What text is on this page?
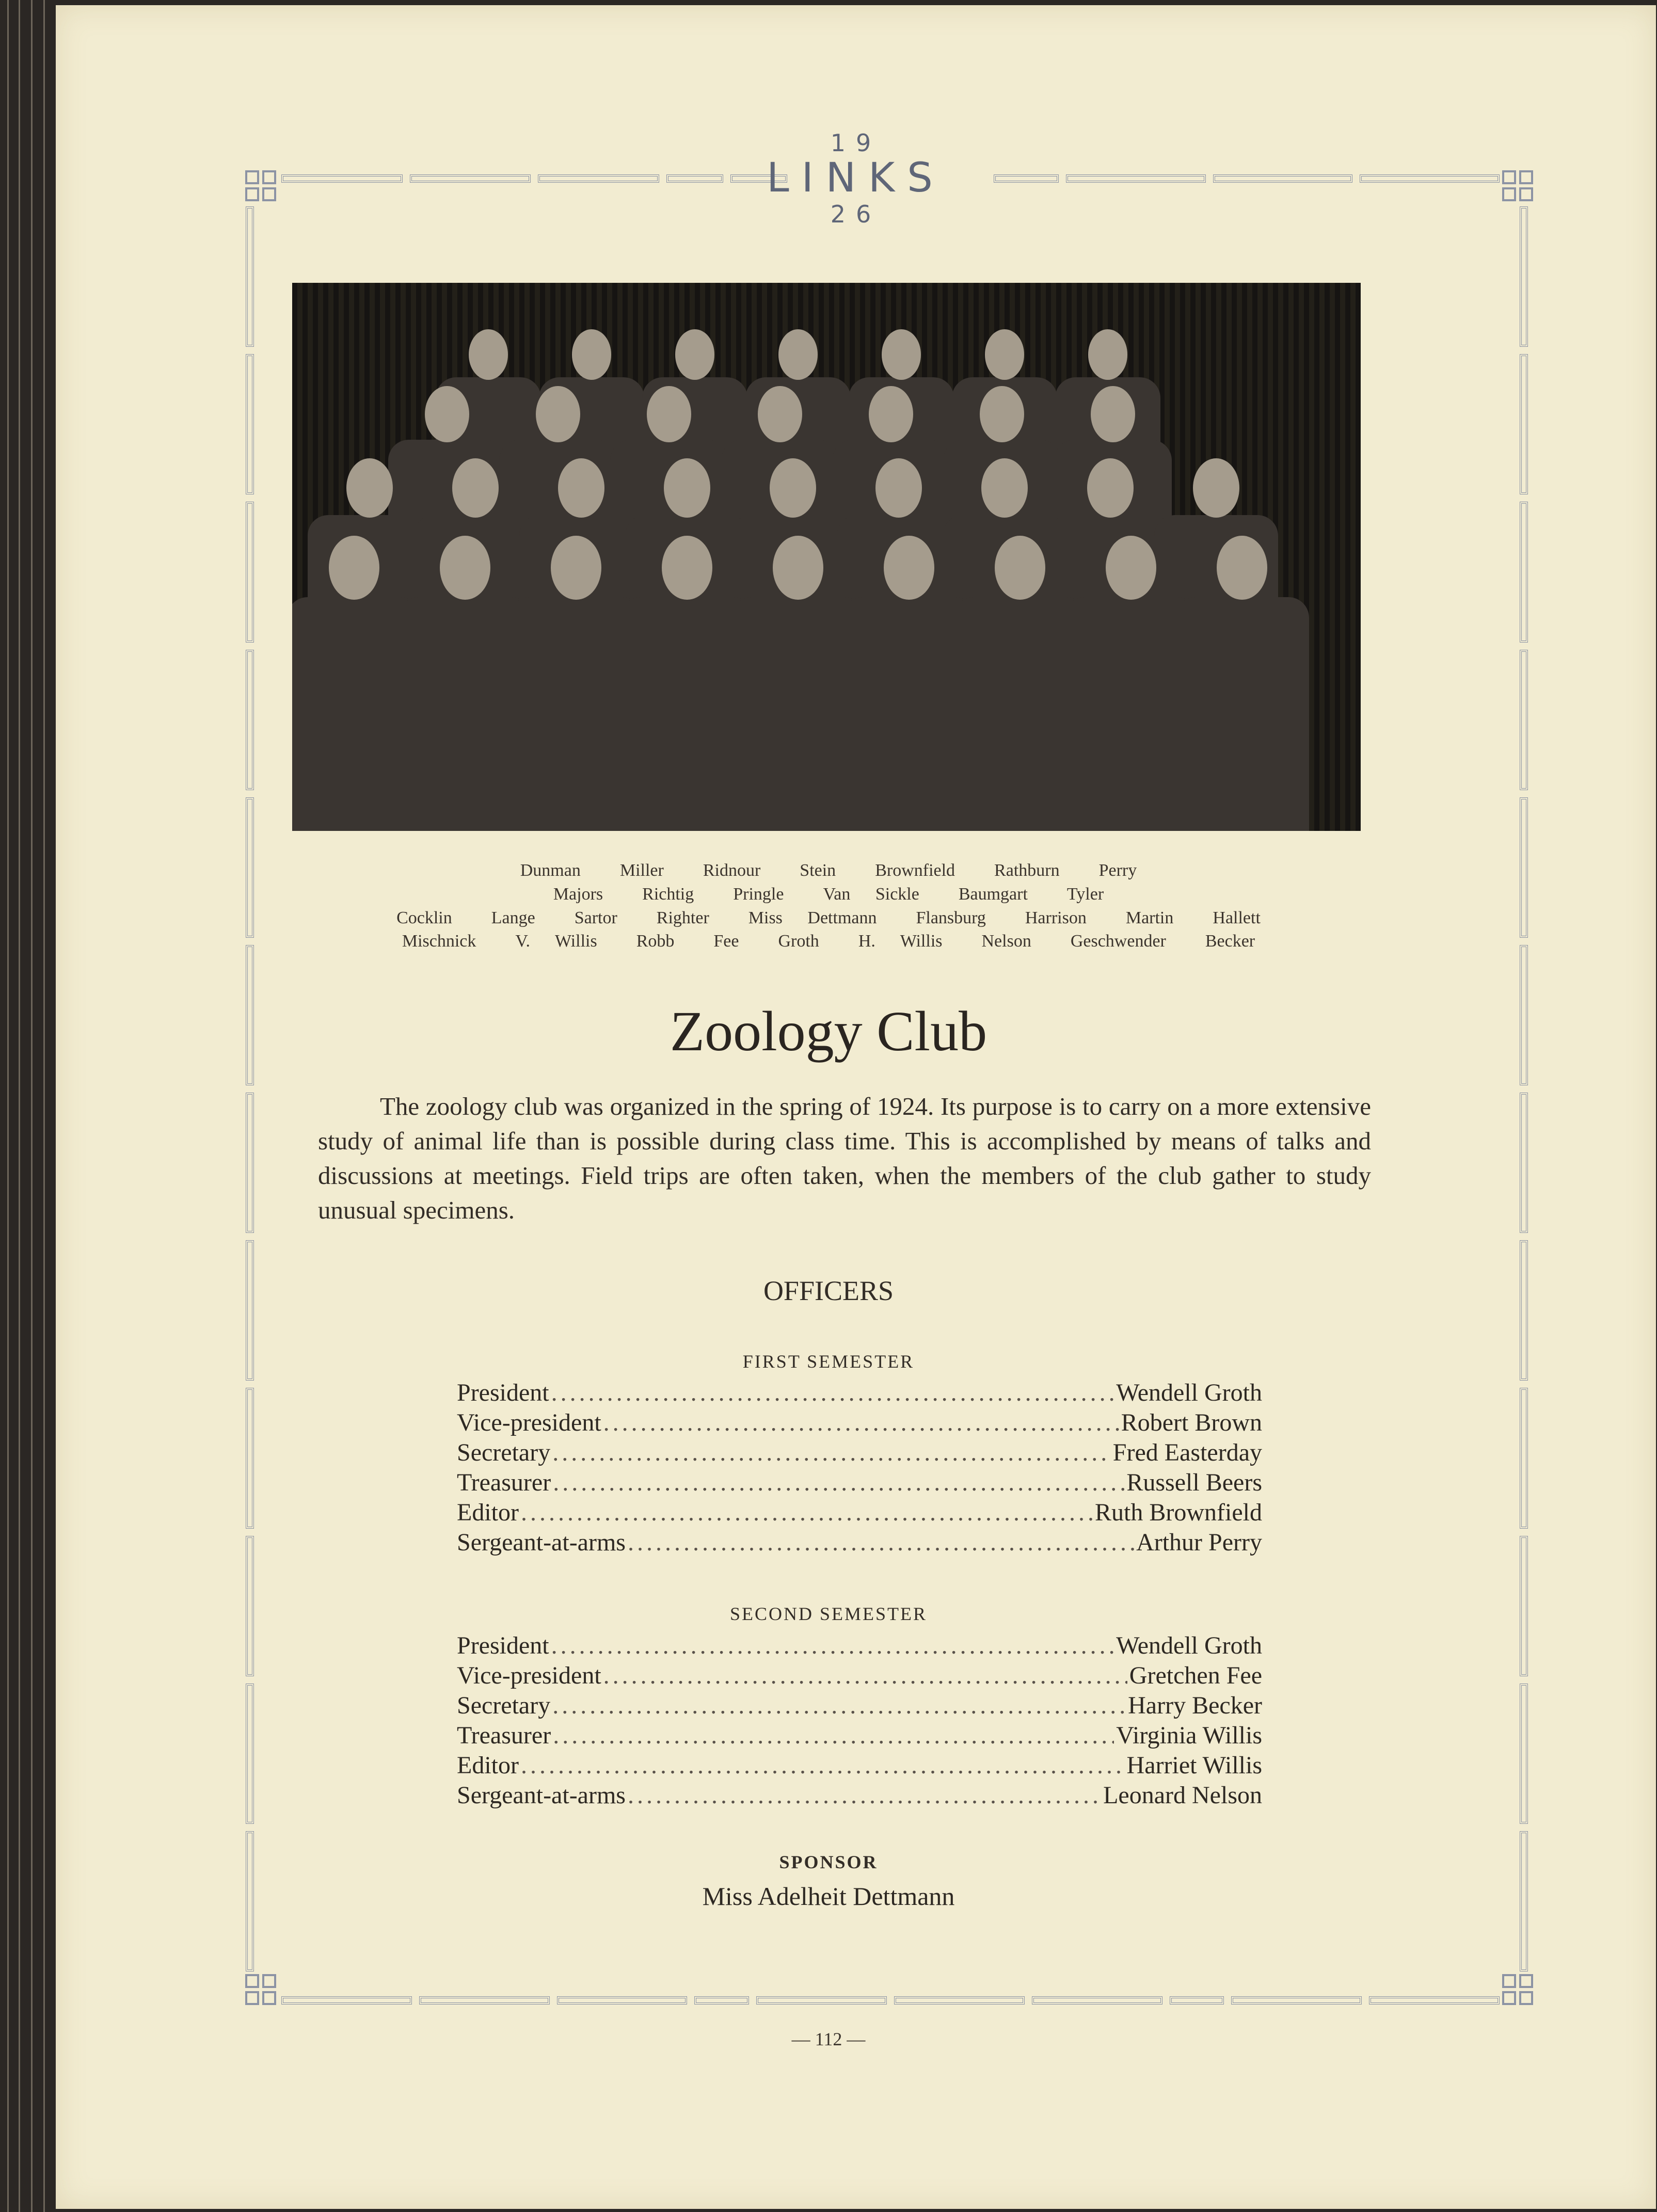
19
LINKS
26
Dunman Miller Ridnour Stein Brownfield Rathburn Perry
Majors Richtig Pringle Van Sickle Baumgart Tyler
Cocklin Lange Sartor Righter Miss Dettmann Flansburg Harrison Martin Hallett
Mischnick V. Willis Robb Fee Groth H. Willis Nelson Geschwender Becker
Zoology Club
The zoology club was organized in the spring of 1924. Its purpose is to carry on a more extensive study of animal life than is possible during class time. This is accomplished by means of talks and discussions at meetings. Field trips are often taken, when the members of the club gather to study unusual specimens.
OFFICERS
FIRST SEMESTER
President .....	Wendell Groth
Vice-president .....	Robert Brown
Secretary .....	Fred Easterday
Treasurer .....	Russell Beers
Editor .....	Ruth Brownfield
Sergeant-at-arms .....	Arthur Perry
SECOND SEMESTER
President .....	Wendell Groth
Vice-president .....	Gretchen Fee
Secretary .....	Harry Becker
Treasurer .....	Virginia Willis
Editor .....	Harriet Willis
Sergeant-at-arms .....	Leonard Nelson
SPONSOR
Miss Adelheit Dettmann
— 112 —
